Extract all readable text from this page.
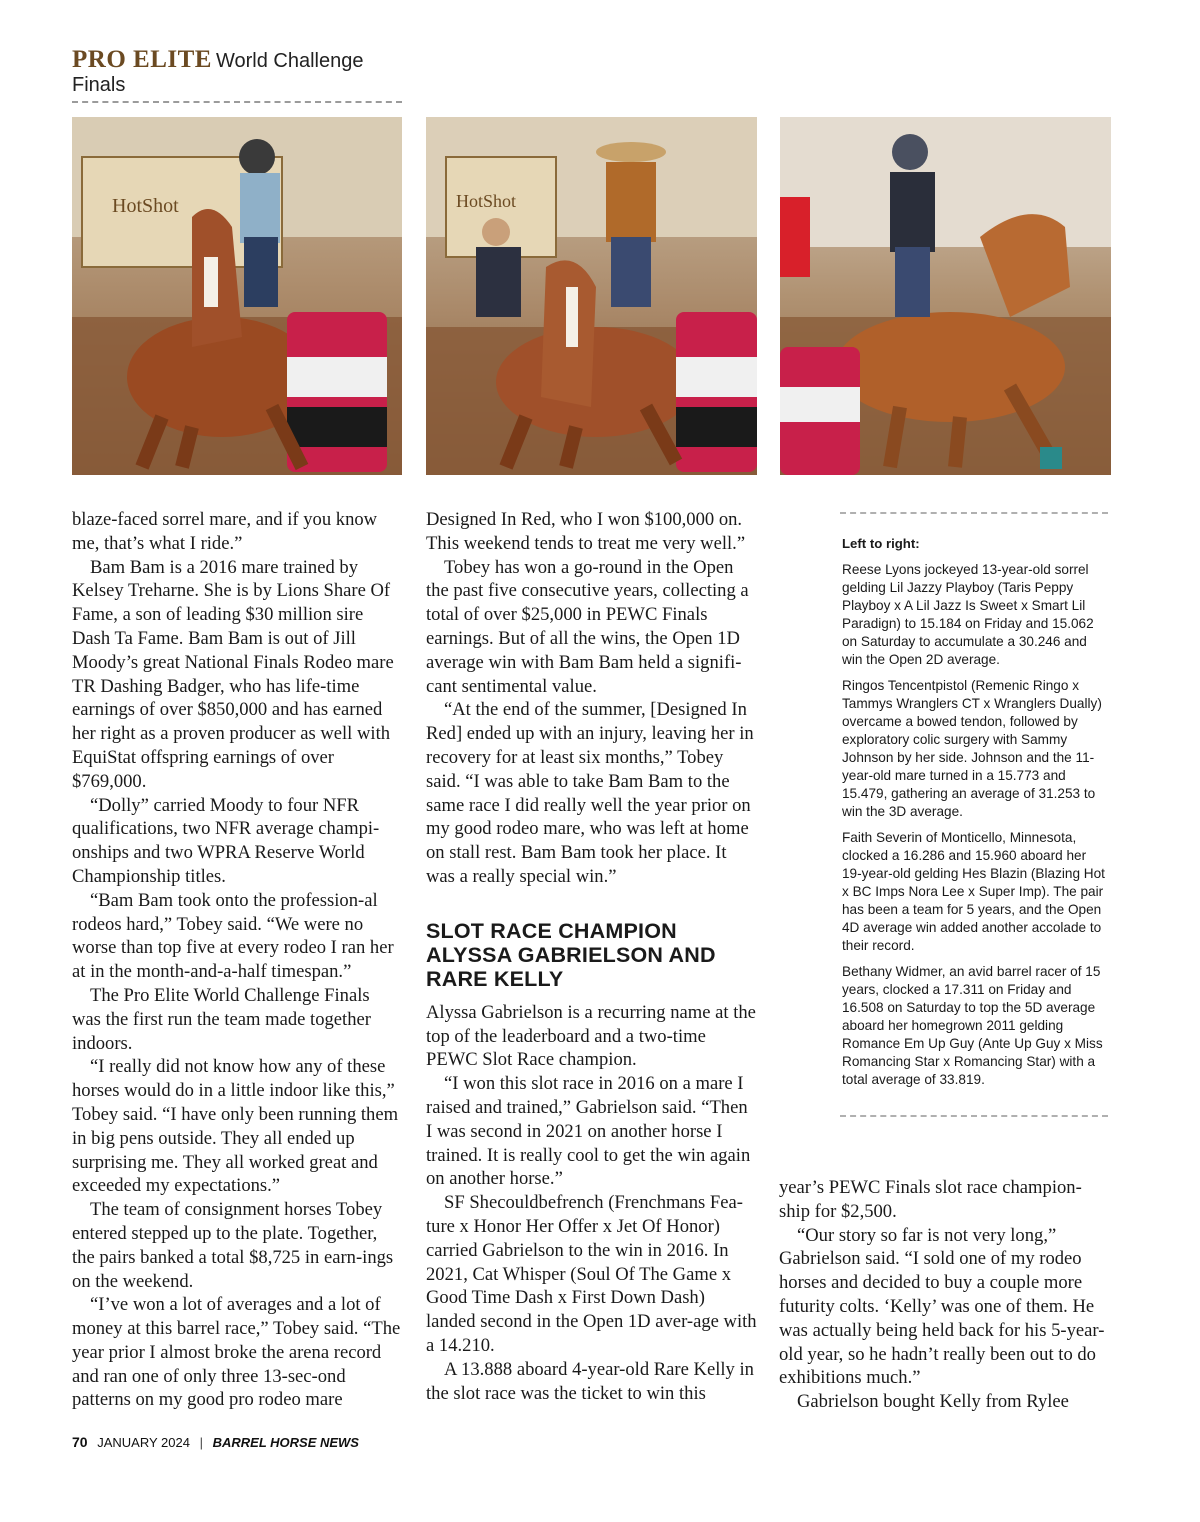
PRO ELITE World Challenge Finals
HotShot	HotShot

blaze-faced sorrel mare, and if you know me, that’s what I ride.”

Bam Bam is a 2016 mare trained by Kelsey Treharne. She is by Lions Share Of Fame, a son of leading $30 million sire Dash Ta Fame. Bam Bam is out of Jill Moody’s great National Finals Rodeo mare TR Dashing Badger, who has life-time earnings of over $850,000 and has earned her right as a proven producer as well with EquiStat offspring earnings of over $769,000.

“Dolly” carried Moody to four NFR qualifications, two NFR average champi-onships and two WPRA Reserve World Championship titles.

“Bam Bam took onto the profession-al rodeos hard,” Tobey said. “We were no worse than top five at every rodeo I ran her at in the month-and-a-half timespan.”

The Pro Elite World Challenge Finals was the first run the team made together indoors.

“I really did not know how any of these horses would do in a little indoor like this,” Tobey said. “I have only been running them in big pens outside. They all ended up surprising me. They all worked great and exceeded my expectations.”

The team of consignment horses Tobey entered stepped up to the plate. Together, the pairs banked a total $8,725 in earn-ings on the weekend.

“I’ve won a lot of averages and a lot of money at this barrel race,” Tobey said. “The year prior I almost broke the arena record and ran one of only three 13-sec-ond patterns on my good pro rodeo mare

Designed In Red, who I won $100,000 on. This weekend tends to treat me very well.”

Tobey has won a go-round in the Open the past five consecutive years, collecting a total of over $25,000 in PEWC Finals earnings. But of all the wins, the Open 1D average win with Bam Bam held a signifi-cant sentimental value.

“At the end of the summer, [Designed In Red] ended up with an injury, leaving her in recovery for at least six months,” Tobey said. “I was able to take Bam Bam to the same race I did really well the year prior on my good rodeo mare, who was left at home on stall rest. Bam Bam took her place. It was a really special win.”

SLOT RACE CHAMPION
ALYSSA GABRIELSON AND
RARE KELLY

Alyssa Gabrielson is a recurring name at the top of the leaderboard and a two-time PEWC Slot Race champion.

“I won this slot race in 2016 on a mare I raised and trained,” Gabrielson said. “Then I was second in 2021 on another horse I trained. It is really cool to get the win again on another horse.”

SF Shecouldbefrench (Frenchmans Fea-ture x Honor Her Offer x Jet Of Honor) carried Gabrielson to the win in 2016. In 2021, Cat Whisper (Soul Of The Game x Good Time Dash x First Down Dash) landed second in the Open 1D aver-age with a 14.210.

A 13.888 aboard 4-year-old Rare Kelly in the slot race was the ticket to win this

Left to right:

Reese Lyons jockeyed 13-year-old sorrel gelding Lil Jazzy Playboy (Taris Peppy Playboy x A Lil Jazz Is Sweet x Smart Lil Paradign) to 15.184 on Friday and 15.062 on Saturday to accumulate a 30.246 and win the Open 2D average.

Ringos Tencentpistol (Remenic Ringo x Tammys Wranglers CT x Wranglers Dually) overcame a bowed tendon, followed by exploratory colic surgery with Sammy Johnson by her side. Johnson and the 11-year-old mare turned in a 15.773 and 15.479, gathering an average of 31.253 to win the 3D average.

Faith Severin of Monticello, Minnesota, clocked a 16.286 and 15.960 aboard her 19-year-old gelding Hes Blazin (Blazing Hot x BC Imps Nora Lee x Super Imp). The pair has been a team for 5 years, and the Open 4D average win added another accolade to their record.

Bethany Widmer, an avid barrel racer of 15 years, clocked a 17.311 on Friday and 16.508 on Saturday to top the 5D average aboard her homegrown 2011 gelding Romance Em Up Guy (Ante Up Guy x Miss Romancing Star x Romancing Star) with a total average of 33.819.

year’s PEWC Finals slot race champion-ship for $2,500.

“Our story so far is not very long,” Gabrielson said. “I sold one of my rodeo horses and decided to buy a couple more futurity colts. ‘Kelly’ was one of them. He was actually being held back for his 5-year-old year, so he hadn’t really been out to do exhibitions much.”

Gabrielson bought Kelly from Rylee

70 JANUARY 2024 | BARREL HORSE NEWS
